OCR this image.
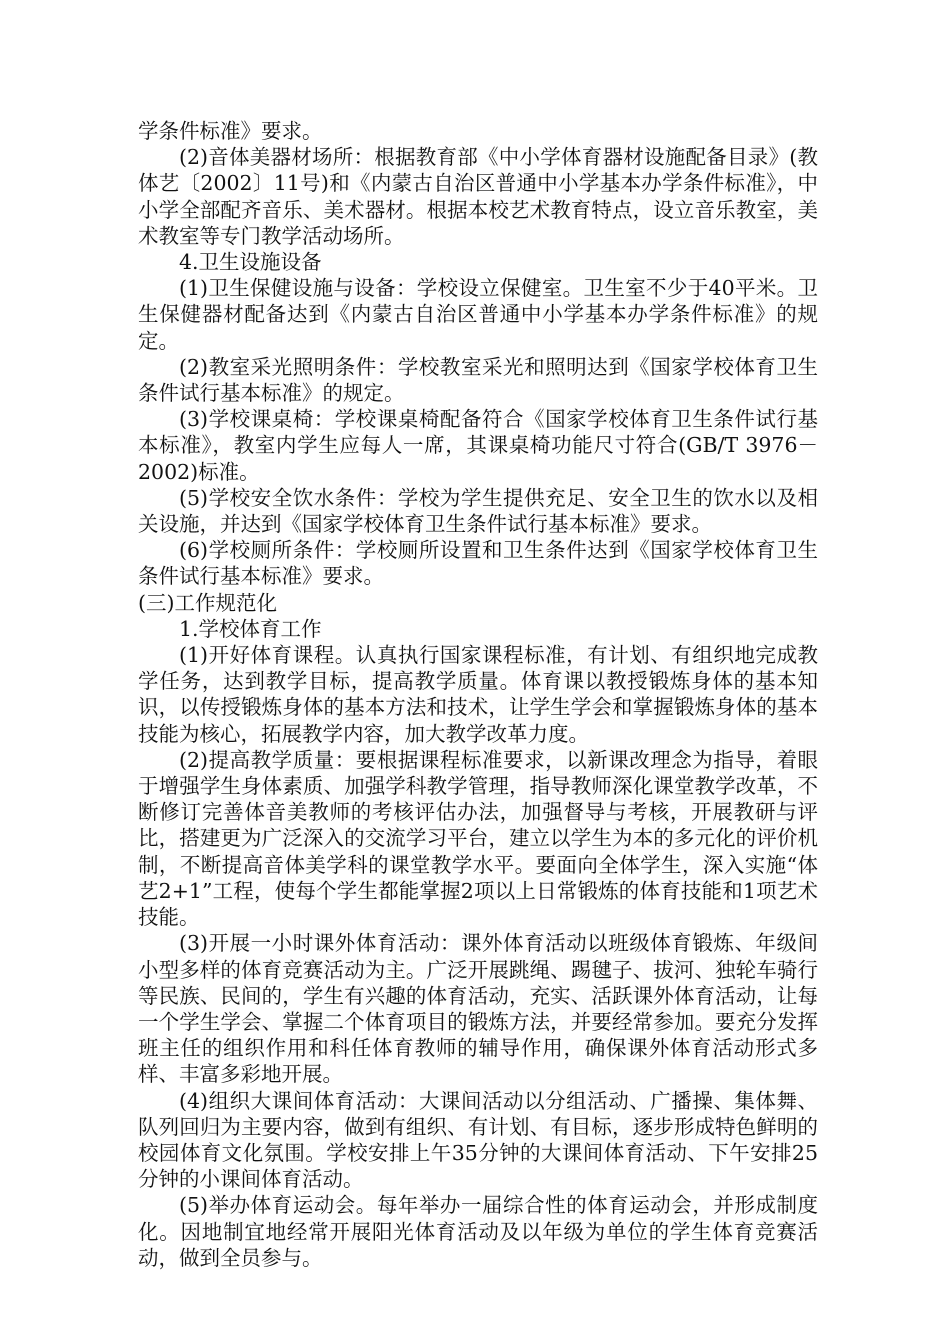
学条件标准》要求。

(2)音体美器材场所：根据教育部《中小学体育器材设施配备目录》(教体艺〔2002〕11号)和《内蒙古自治区普通中小学基本办学条件标准》，中小学全部配齐音乐、美术器材。根据本校艺术教育特点，设立音乐教室，美术教室等专门教学活动场所。

4.卫生设施设备

(1)卫生保健设施与设备：学校设立保健室。卫生室不少于40平米。卫生保健器材配备达到《内蒙古自治区普通中小学基本办学条件标准》的规定。

(2)教室采光照明条件：学校教室采光和照明达到《国家学校体育卫生条件试行基本标准》的规定。

(3)学校课桌椅：学校课桌椅配备符合《国家学校体育卫生条件试行基本标准》，教室内学生应每人一席，其课桌椅功能尺寸符合(GB/T 3976－2002)标准。

(5)学校安全饮水条件：学校为学生提供充足、安全卫生的饮水以及相关设施，并达到《国家学校体育卫生条件试行基本标准》要求。

(6)学校厕所条件：学校厕所设置和卫生条件达到《国家学校体育卫生条件试行基本标准》要求。

(三)工作规范化

1.学校体育工作

(1)开好体育课程。认真执行国家课程标准，有计划、有组织地完成教学任务，达到教学目标，提高教学质量。体育课以教授锻炼身体的基本知识，以传授锻炼身体的基本方法和技术，让学生学会和掌握锻炼身体的基本技能为核心，拓展教学内容，加大教学改革力度。

(2)提高教学质量：要根据课程标准要求，以新课改理念为指导，着眼于增强学生身体素质、加强学科教学管理，指导教师深化课堂教学改革，不断修订完善体音美教师的考核评估办法，加强督导与考核，开展教研与评比，搭建更为广泛深入的交流学习平台，建立以学生为本的多元化的评价机制，不断提高音体美学科的课堂教学水平。要面向全体学生，深入实施“体艺2+1”工程，使每个学生都能掌握2项以上日常锻炼的体育技能和1项艺术技能。

(3)开展一小时课外体育活动：课外体育活动以班级体育锻炼、年级间小型多样的体育竞赛活动为主。广泛开展跳绳、踢毽子、拔河、独轮车骑行等民族、民间的，学生有兴趣的体育活动，充实、活跃课外体育活动，让每一个学生学会、掌握二个体育项目的锻炼方法，并要经常参加。要充分发挥班主任的组织作用和科任体育教师的辅导作用，确保课外体育活动形式多样、丰富多彩地开展。

(4)组织大课间体育活动：大课间活动以分组活动、广播操、集体舞、队列回归为主要内容，做到有组织、有计划、有目标，逐步形成特色鲜明的校园体育文化氛围。学校安排上午35分钟的大课间体育活动、下午安排25分钟的小课间体育活动。

(5)举办体育运动会。每年举办一届综合性的体育运动会，并形成制度化。因地制宜地经常开展阳光体育活动及以年级为单位的学生体育竞赛活动，做到全员参与。
